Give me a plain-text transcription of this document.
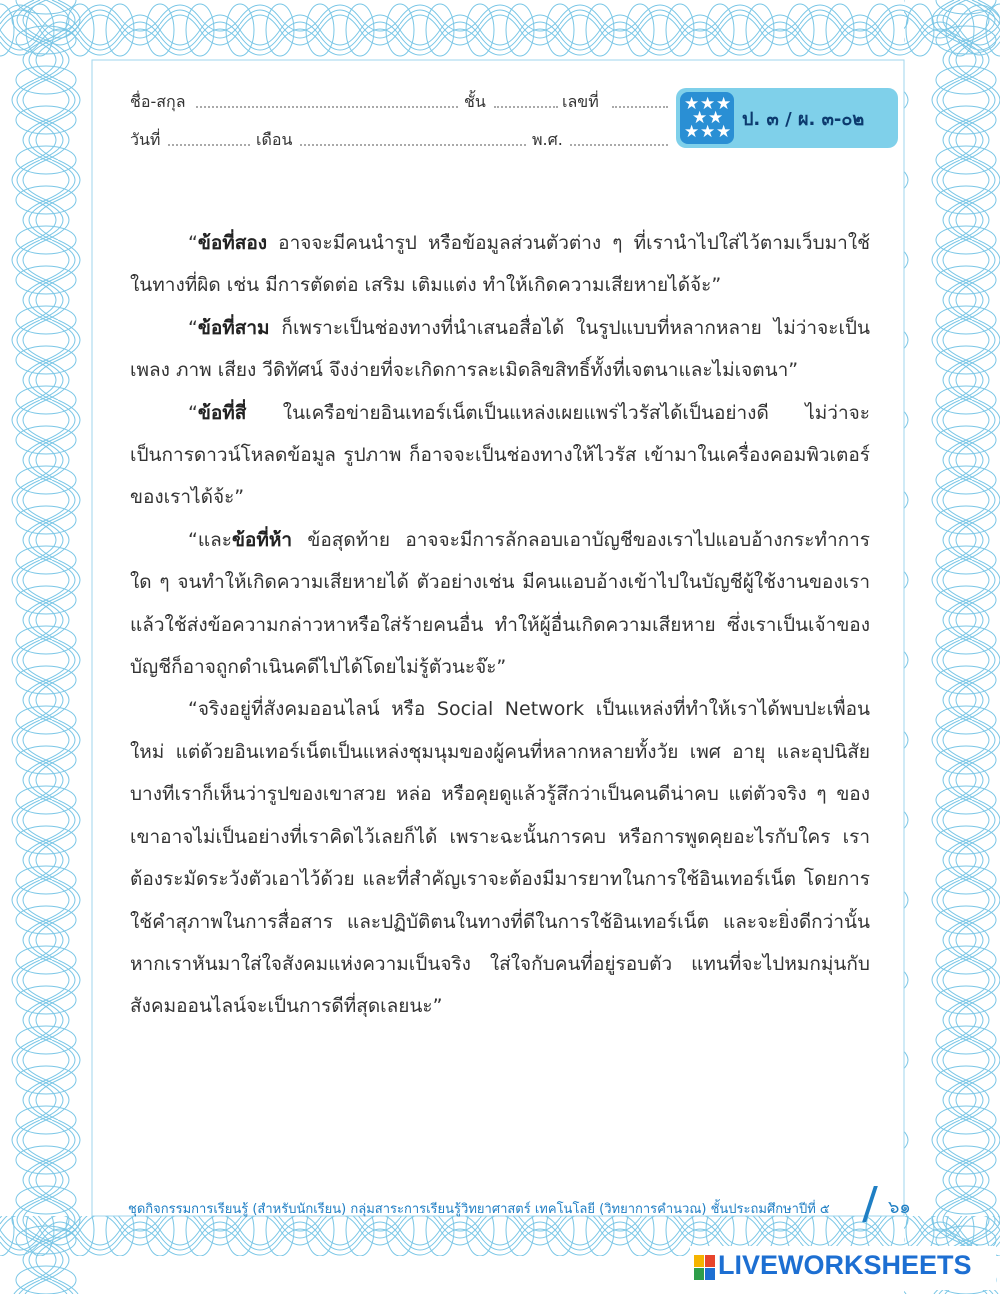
ชื่อ-สกุล	ชั้น	เลขที่
วันที่	เดือน	พ.ศ.
★ ★ ★
★ ★
★ ★ ★
ป. ๓ / ผ. ๓-๐๒

“ข้อที่สอง อาจจะมีคนนำรูป หรือข้อมูลส่วนตัวต่าง ๆ ที่เรานำไปใส่ไว้ตามเว็บมาใช้ในทางที่ผิด เช่น มีการตัดต่อ เสริม เติมแต่ง ทำให้เกิดความเสียหายได้จ้ะ”

“ข้อที่สาม ก็เพราะเป็นช่องทางที่นำเสนอสื่อได้ ในรูปแบบที่หลากหลาย ไม่ว่าจะเป็นเพลง ภาพ เสียง วีดิทัศน์ จึงง่ายที่จะเกิดการละเมิดลิขสิทธิ์ทั้งที่เจตนาและไม่เจตนา”

“ข้อที่สี่ ในเครือข่ายอินเทอร์เน็ตเป็นแหล่งเผยแพร่ไวรัสได้เป็นอย่างดี ไม่ว่าจะเป็นการดาวน์โหลดข้อมูล รูปภาพ ก็อาจจะเป็นช่องทางให้ไวรัส เข้ามาในเครื่องคอมพิวเตอร์ของเราได้จ้ะ”

“และข้อที่ห้า ข้อสุดท้าย อาจจะมีการลักลอบเอาบัญชีของเราไปแอบอ้างกระทำการใด ๆ จนทำให้เกิดความเสียหายได้ ตัวอย่างเช่น มีคนแอบอ้างเข้าไปในบัญชีผู้ใช้งานของเรา แล้วใช้ส่งข้อความกล่าวหาหรือใส่ร้ายคนอื่น ทำให้ผู้อื่นเกิดความเสียหาย ซึ่งเราเป็นเจ้าของบัญชีก็อาจถูกดำเนินคดีไปได้โดยไม่รู้ตัวนะจ๊ะ”

“จริงอยู่ที่สังคมออนไลน์ หรือ Social Network เป็นแหล่งที่ทำให้เราได้พบปะเพื่อนใหม่ แต่ด้วยอินเทอร์เน็ตเป็นแหล่งชุมนุมของผู้คนที่หลากหลายทั้งวัย เพศ อายุ และอุปนิสัย บางทีเราก็เห็นว่ารูปของเขาสวย หล่อ หรือคุยดูแล้วรู้สึกว่าเป็นคนดีน่าคบ แต่ตัวจริง ๆ ของเขาอาจไม่เป็นอย่างที่เราคิดไว้เลยก็ได้ เพราะฉะนั้นการคบ หรือการพูดคุยอะไรกับใคร เราต้องระมัดระวังตัวเอาไว้ด้วย และที่สำคัญเราจะต้องมีมารยาทในการใช้อินเทอร์เน็ต โดยการใช้คำสุภาพในการสื่อสาร และปฏิบัติตนในทางที่ดีในการใช้อินเทอร์เน็ต และจะยิ่งดีกว่านั้น หากเราหันมาใส่ใจสังคมแห่งความเป็นจริง ใส่ใจกับคนที่อยู่รอบตัว แทนที่จะไปหมกมุ่นกับสังคมออนไลน์จะเป็นการดีที่สุดเลยนะ”

ชุดกิจกรรมการเรียนรู้ (สำหรับนักเรียน) กลุ่มสาระการเรียนรู้วิทยาศาสตร์ เทคโนโลยี (วิทยาการคำนวณ) ชั้นประถมศึกษาปีที่ ๕	๖๑
LIVEWORKSHEETS
